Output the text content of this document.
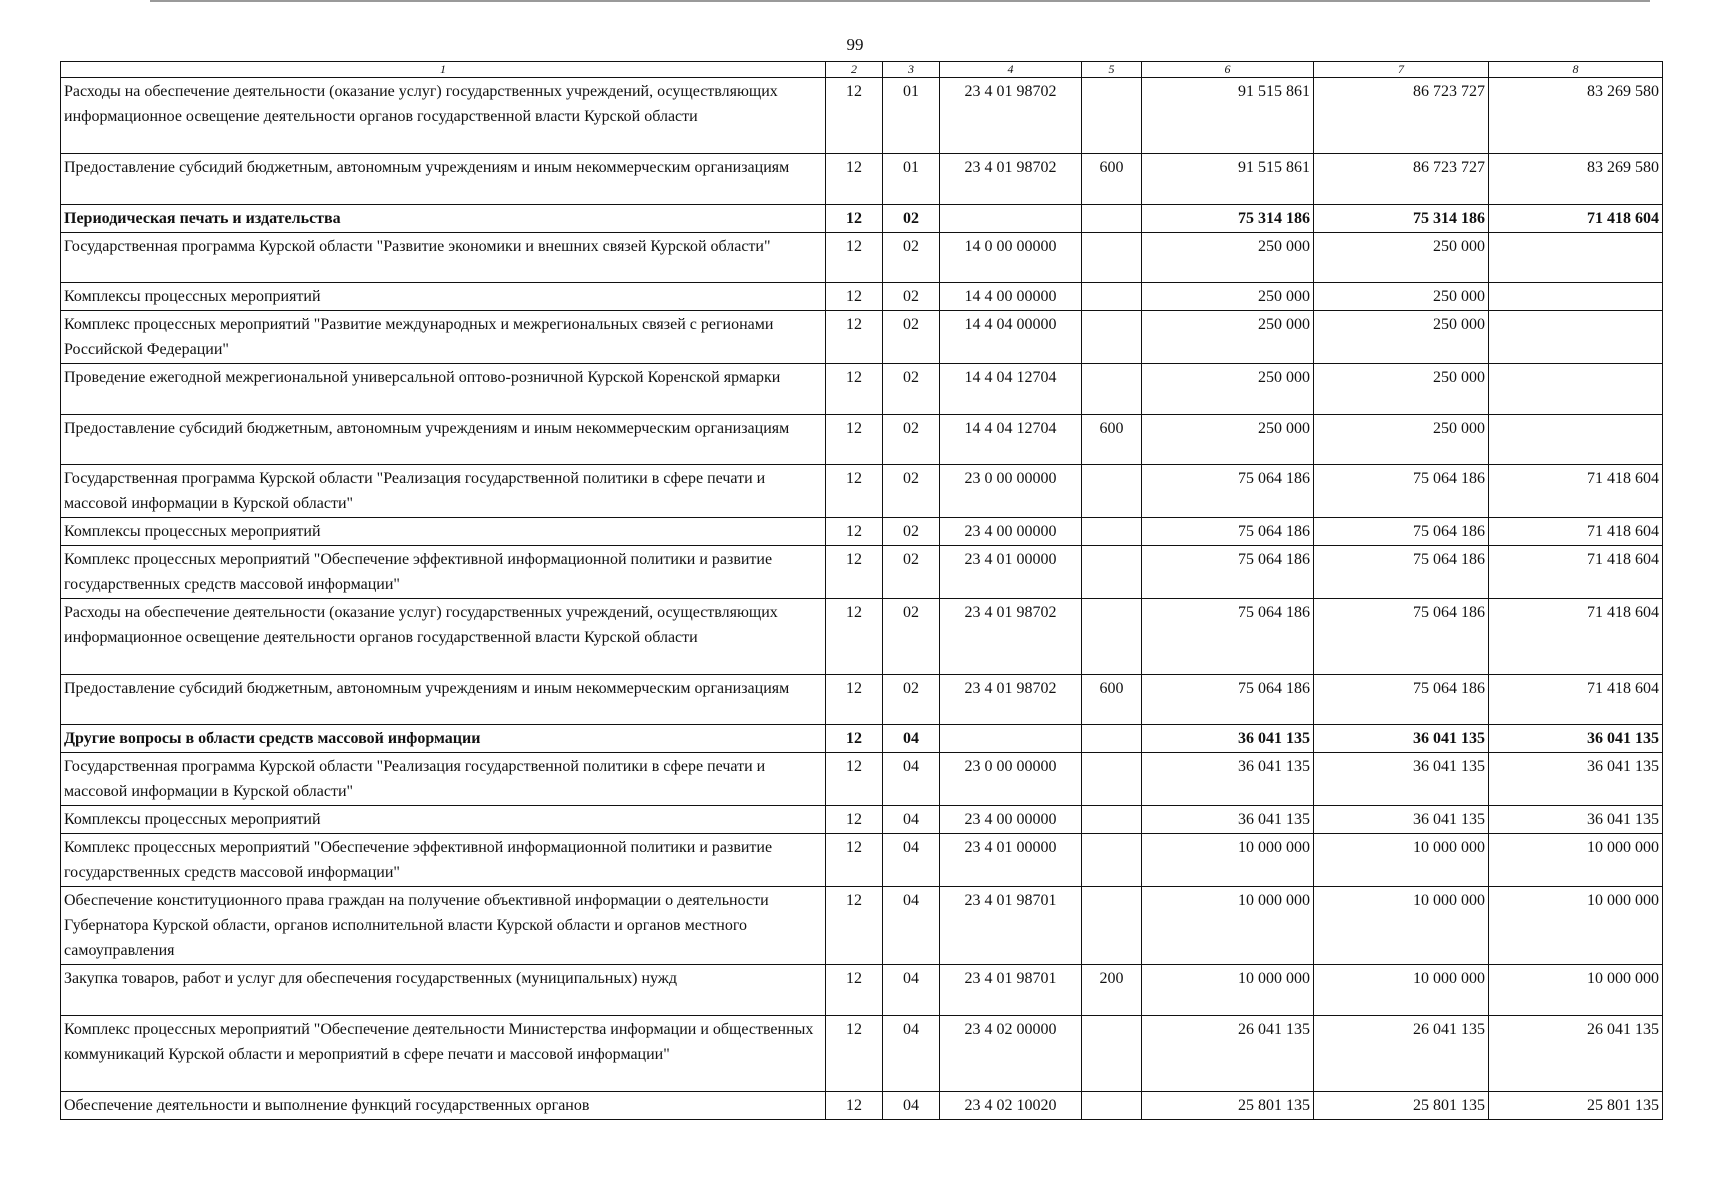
99
1	2	3	4	5	6	7	8
Расходы на обеспечение деятельности (оказание услуг) государственных учреждений, осуществляющих информационное освещение деятельности органов государственной власти Курской области	12	01	23 4 01 98702		91 515 861	86 723 727	83 269 580
Предоставление субсидий бюджетным, автономным учреждениям и иным некоммерческим организациям	12	01	23 4 01 98702	600	91 515 861	86 723 727	83 269 580
Периодическая печать и издательства	12	02			75 314 186	75 314 186	71 418 604
Государственная программа Курской области "Развитие экономики и внешних связей Курской области"	12	02	14 0 00 00000		250 000	250 000	
Комплексы процессных мероприятий	12	02	14 4 00 00000		250 000	250 000	
Комплекс процессных мероприятий "Развитие международных и межрегиональных связей с регионами Российской Федерации"	12	02	14 4 04 00000		250 000	250 000	
Проведение ежегодной межрегиональной универсальной оптово-розничной Курской Коренской ярмарки	12	02	14 4 04 12704		250 000	250 000	
Предоставление субсидий бюджетным, автономным учреждениям и иным некоммерческим организациям	12	02	14 4 04 12704	600	250 000	250 000	
Государственная программа Курской области "Реализация государственной политики в сфере печати и массовой информации в Курской области"	12	02	23 0 00 00000		75 064 186	75 064 186	71 418 604
Комплексы процессных мероприятий	12	02	23 4 00 00000		75 064 186	75 064 186	71 418 604
Комплекс процессных мероприятий "Обеспечение эффективной информационной политики и развитие государственных средств массовой информации"	12	02	23 4 01 00000		75 064 186	75 064 186	71 418 604
Расходы на обеспечение деятельности (оказание услуг) государственных учреждений, осуществляющих информационное освещение деятельности органов государственной власти Курской области	12	02	23 4 01 98702		75 064 186	75 064 186	71 418 604
Предоставление субсидий бюджетным, автономным учреждениям и иным некоммерческим организациям	12	02	23 4 01 98702	600	75 064 186	75 064 186	71 418 604
Другие вопросы в области средств массовой информации	12	04			36 041 135	36 041 135	36 041 135
Государственная программа Курской области "Реализация государственной политики в сфере печати и массовой информации в Курской области"	12	04	23 0 00 00000		36 041 135	36 041 135	36 041 135
Комплексы процессных мероприятий	12	04	23 4 00 00000		36 041 135	36 041 135	36 041 135
Комплекс процессных мероприятий "Обеспечение эффективной информационной политики и развитие государственных средств массовой информации"	12	04	23 4 01 00000		10 000 000	10 000 000	10 000 000
Обеспечение конституционного права граждан на получение объективной информации о деятельности Губернатора Курской области, органов исполнительной власти Курской области и органов местного самоуправления	12	04	23 4 01 98701		10 000 000	10 000 000	10 000 000
Закупка товаров, работ и услуг для обеспечения государственных (муниципальных) нужд	12	04	23 4 01 98701	200	10 000 000	10 000 000	10 000 000
Комплекс процессных мероприятий "Обеспечение деятельности Министерства информации и общественных коммуникаций Курской области и мероприятий в сфере печати и массовой информации"	12	04	23 4 02 00000		26 041 135	26 041 135	26 041 135
Обеспечение деятельности и выполнение функций государственных органов	12	04	23 4 02 10020		25 801 135	25 801 135	25 801 135
